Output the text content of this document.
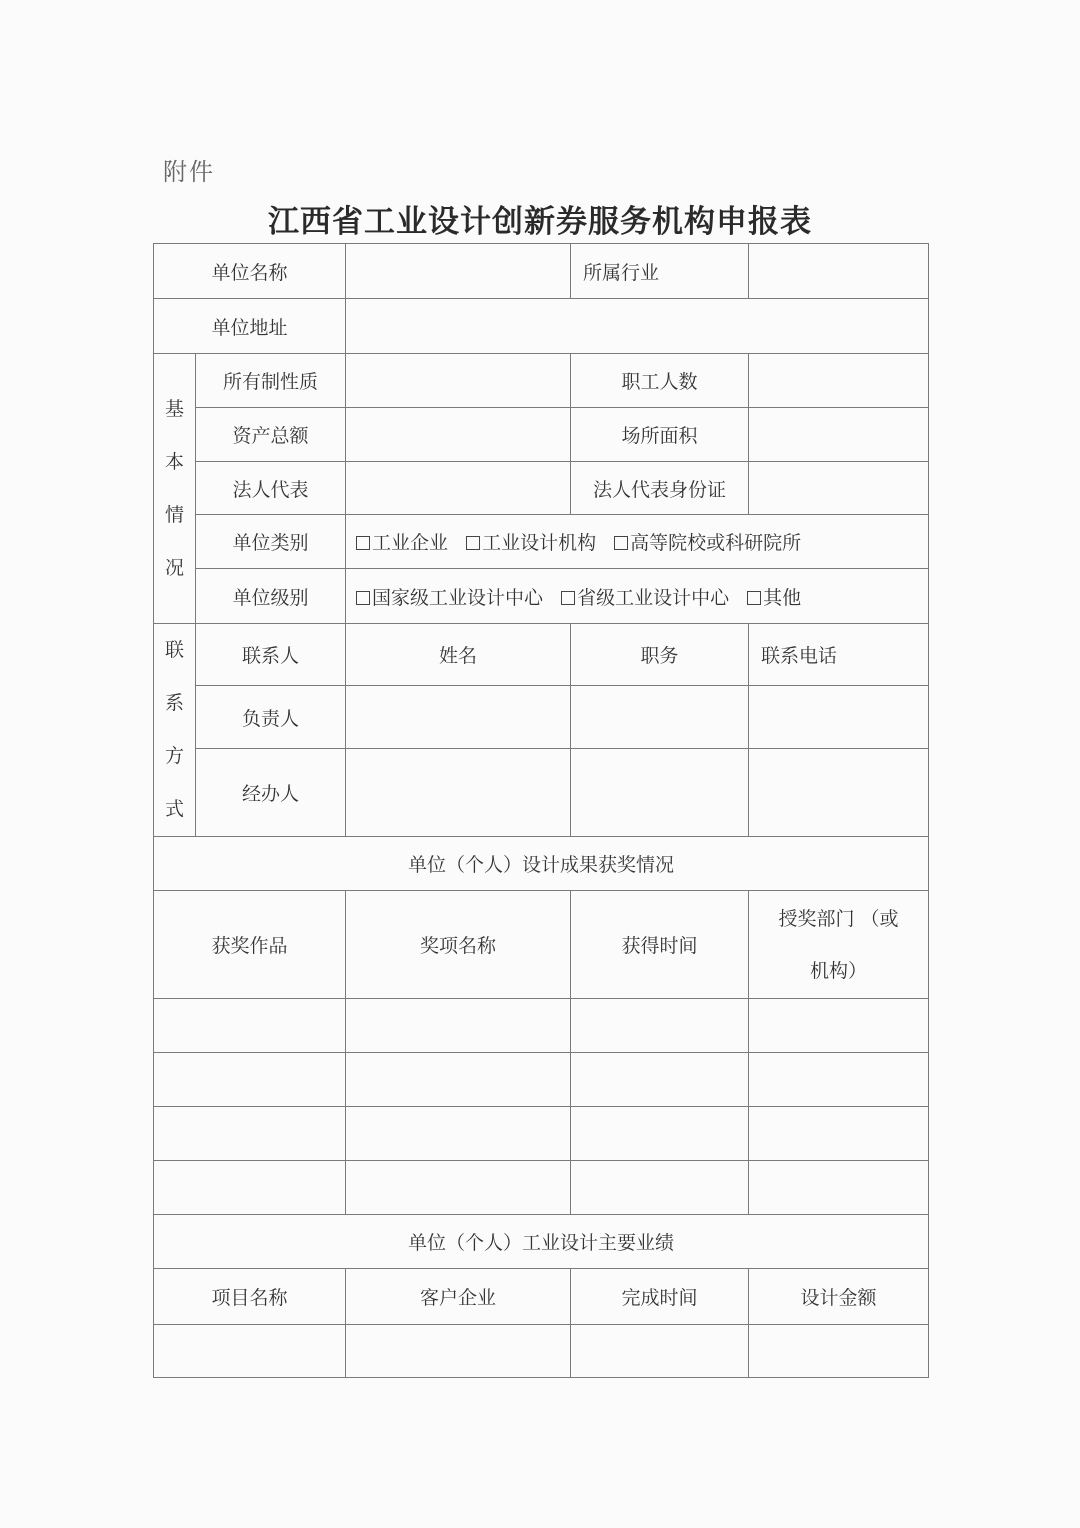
附件
江西省工业设计创新券服务机构申报表
单位名称			所属行业	
单位地址				
基
本
情
况	所有制性质		职工人数	
	资产总额		场所面积	
	法人代表		法人代表身份证	
	单位类别	工业企业 工业设计机构 高等院校或科研院所		
	单位级别	国家级工业设计中心 省级工业设计中心 其他		
联
系
方
式	联系人	姓名	职务	联系电话
	负责人			
	经办人			
单位（个人）设计成果获奖情况				
获奖作品		奖项名称	获得时间	授奖部门 （或
机构）

单位（个人）工业设计主要业绩				
项目名称		客户企业	完成时间	设计金额
